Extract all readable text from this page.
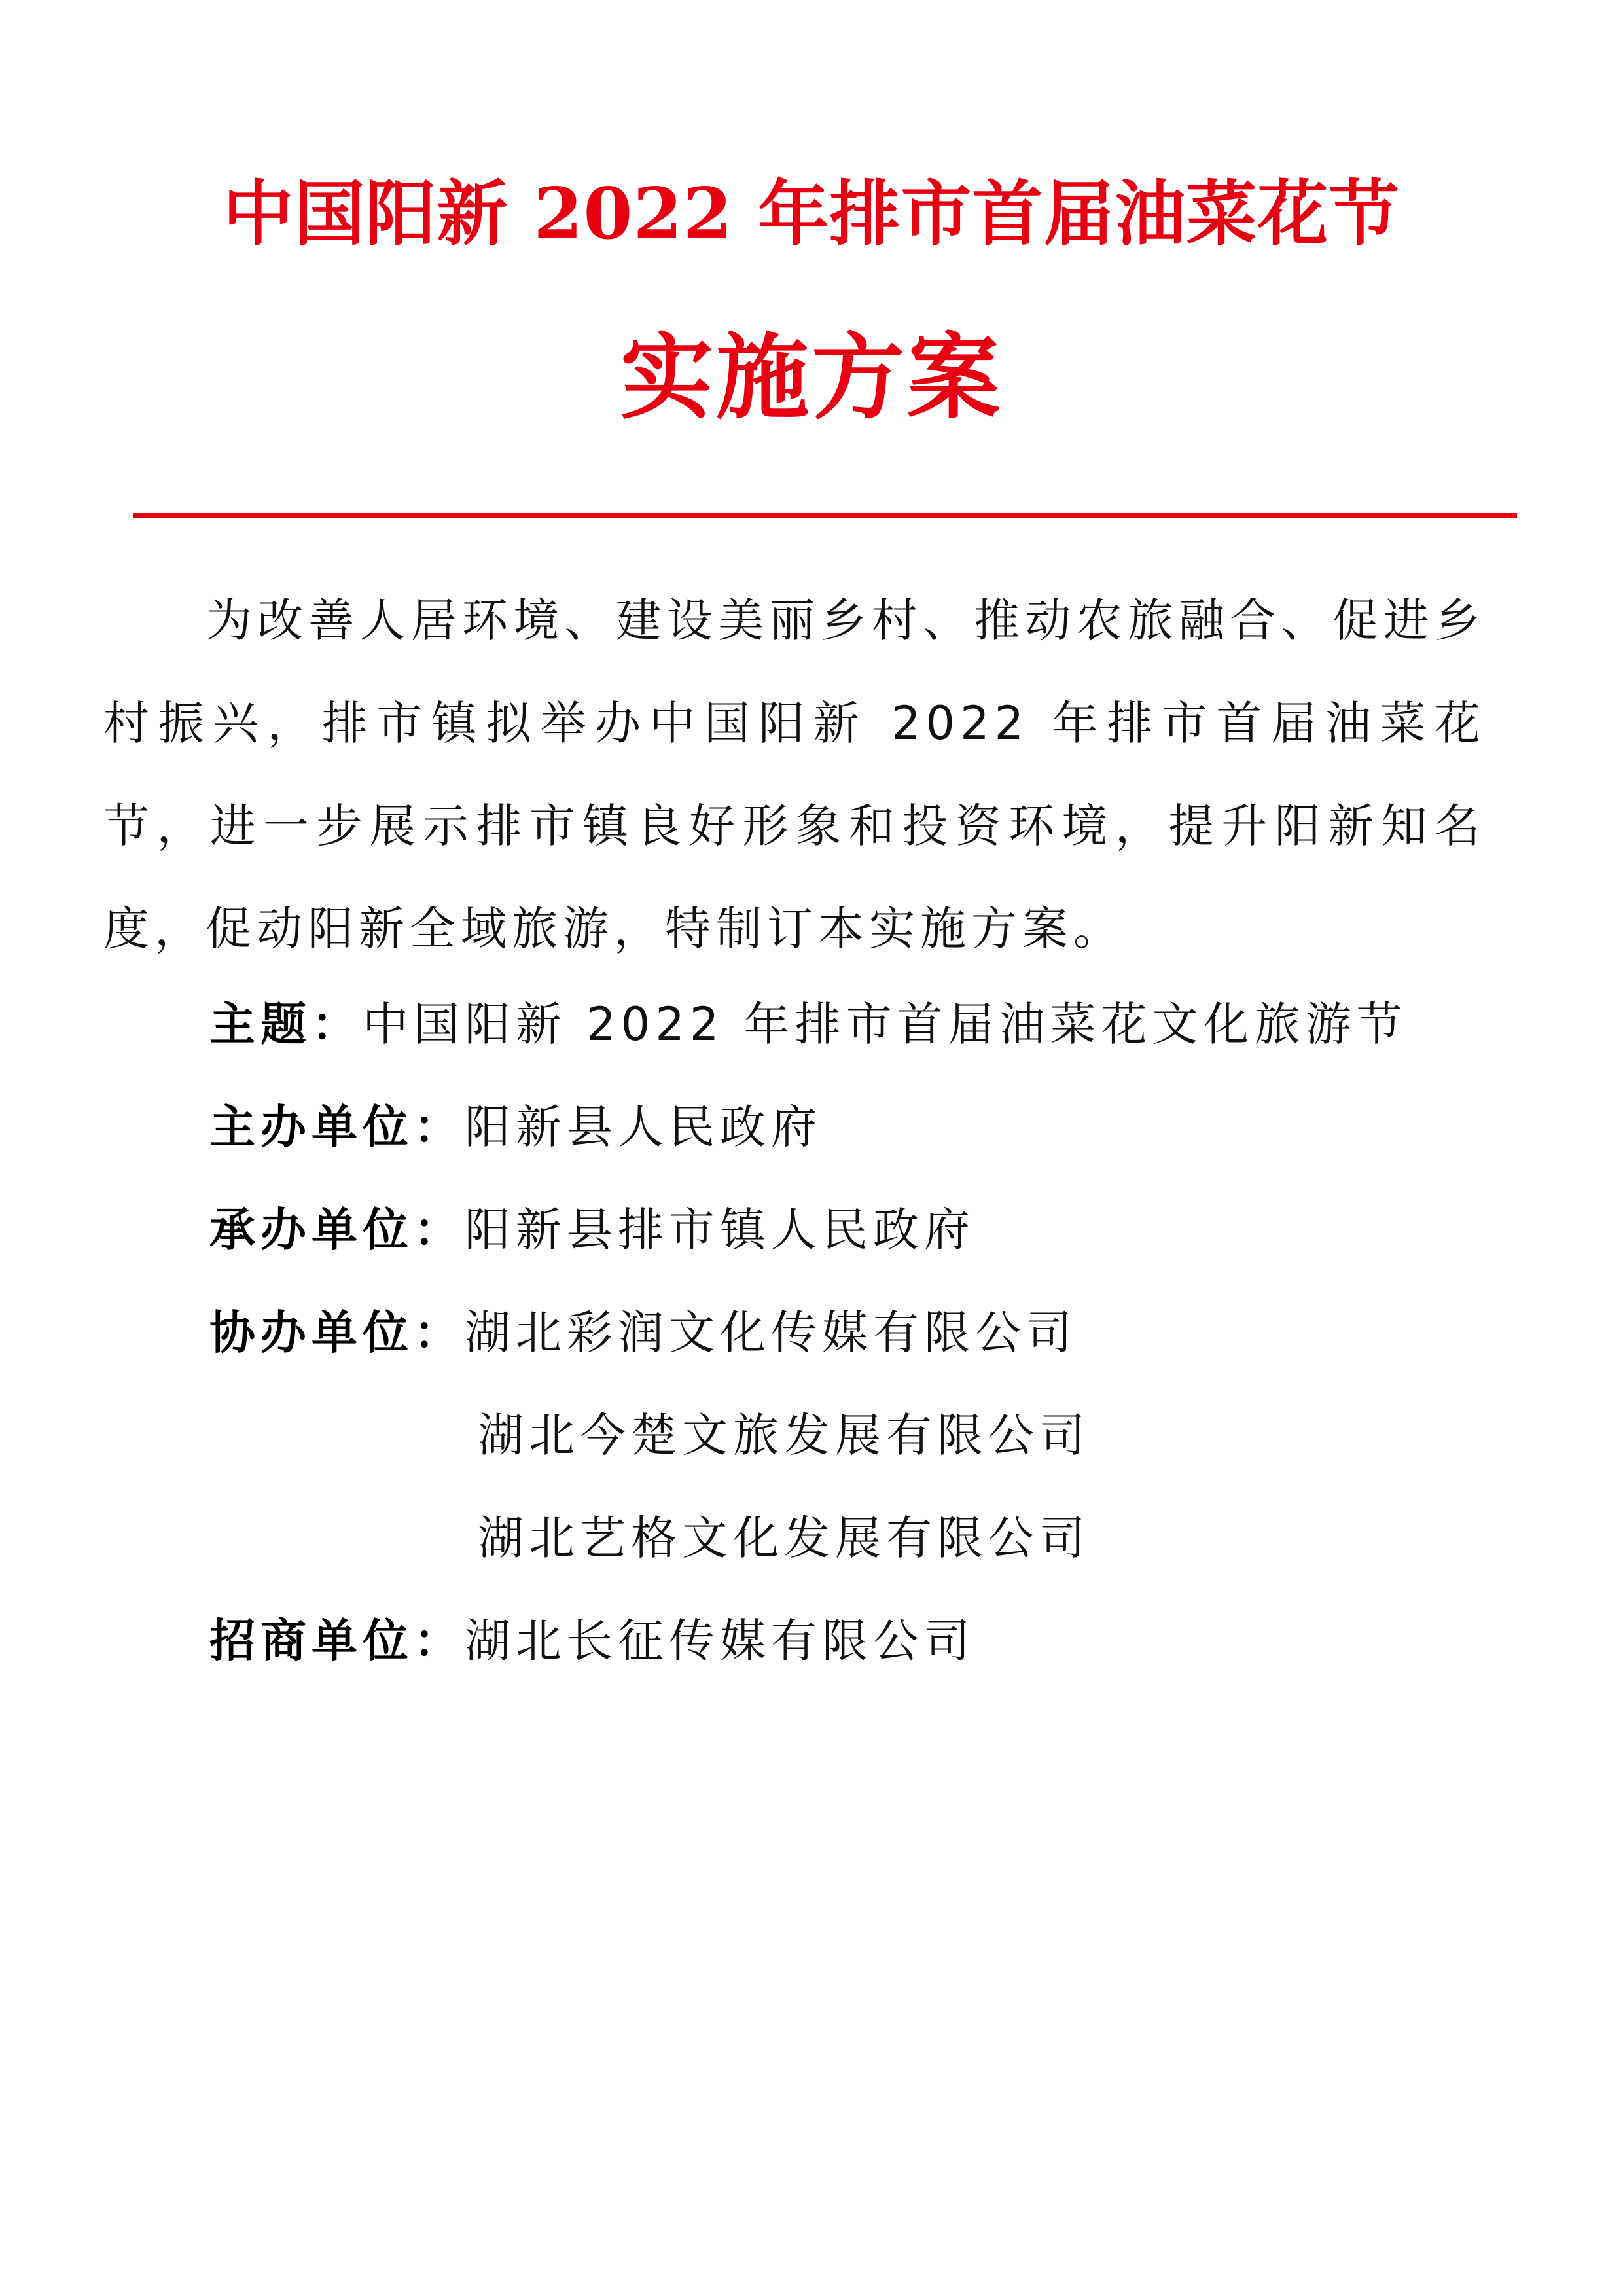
中国阳新 2022 年排市首届油菜花节
实施方案

为改善人居环境、建设美丽乡村、推动农旅融合、促进乡村振兴，排市镇拟举办中国阳新 2022 年排市首届油菜花节，进一步展示排市镇良好形象和投资环境，提升阳新知名度，促动阳新全域旅游，特制订本实施方案。

主题：中国阳新 2022 年排市首届油菜花文化旅游节
主办单位：阳新县人民政府
承办单位：阳新县排市镇人民政府
协办单位：湖北彩润文化传媒有限公司
湖北今楚文旅发展有限公司
湖北艺格文化发展有限公司
招商单位：湖北长征传媒有限公司
